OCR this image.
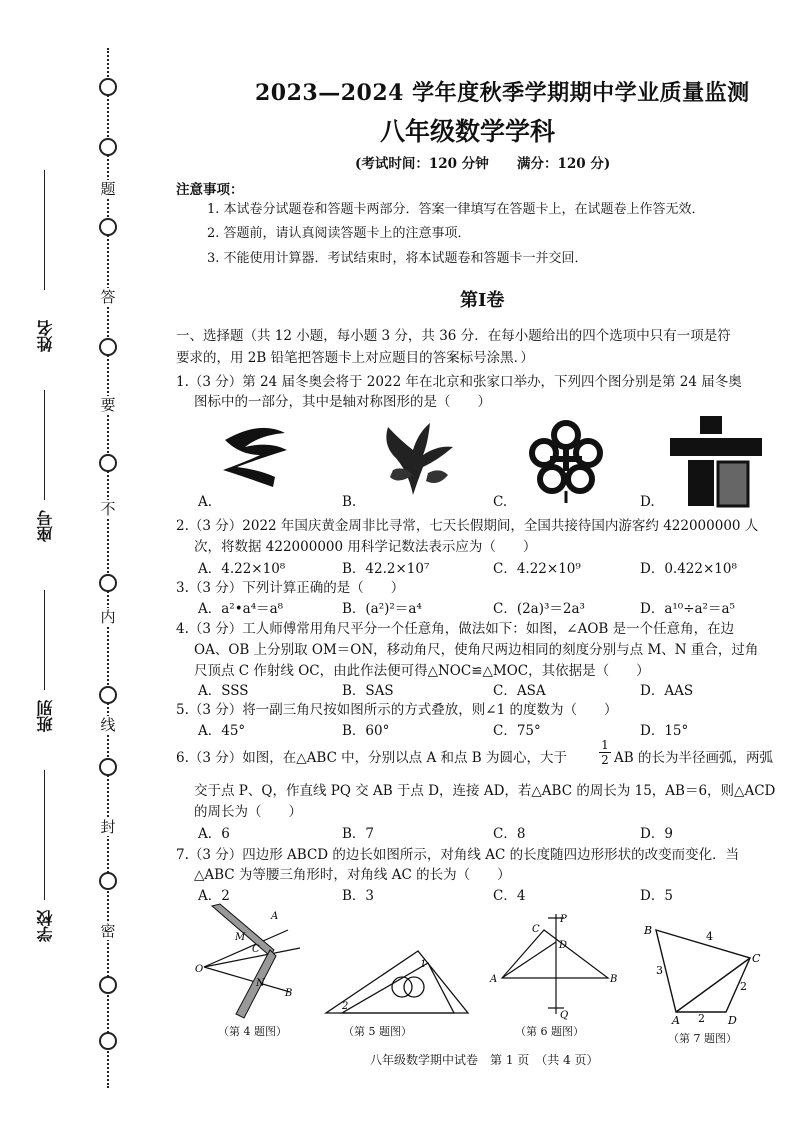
题
答
要
不
内
线
封
密
姓名
座号
班别
学校
2023—2024 学年度秋季学期期中学业质量监测
八年级数学学科
(考试时间：120 分钟      满分：120 分)
注意事项：
1. 本试卷分试题卷和答题卡两部分．答案一律填写在答题卡上，在试题卷上作答无效．
2. 答题前，请认真阅读答题卡上的注意事项．
3. 不能使用计算器．考试结束时，将本试题卷和答题卡一并交回．
第Ⅰ卷
一、选择题（共 12 小题，每小题 3 分，共 36 分．在每小题给出的四个选项中只有一项是符
要求的，用 2B 铅笔把答题卡上对应题目的答案标号涂黑．）
1.（3 分）第 24 届冬奥会将于 2022 年在北京和张家口举办，下列四个图分别是第 24 届冬奥
图标中的一部分，其中是轴对称图形的是（　　）
A.	B.	C.	D.
2.（3 分）2022 年国庆黄金周非比寻常，七天长假期间，全国共接待国内游客约 422000000 人
次，将数据 422000000 用科学记数法表示应为（　　）
A．4.22×10⁸	B．42.2×10⁷	C．4.22×10⁹	D．0.422×10⁸
3.（3 分）下列计算正确的是（　　）
A．a²•a⁴＝a⁸	B．(a²)²＝a⁴	C．(2a)³＝2a³	D．a¹⁰÷a²＝a⁵
4.（3 分）工人师傅常用角尺平分一个任意角，做法如下：如图，∠AOB 是一个任意角，在边
OA、OB 上分别取 OM＝ON，移动角尺，使角尺两边相同的刻度分别与点 M、N 重合，过角
尺顶点 C 作射线 OC，由此作法便可得△NOC≌△MOC，其依据是（　　）
A．SSS	B．SAS	C．ASA	D．AAS
5.（3 分）将一副三角尺按如图所示的方式叠放，则∠1 的度数为（　　）
A．45°	B．60°	C．75°	D．15°
6.（3 分）如图，在△ABC 中，分别以点 A 和点 B 为圆心，大于	$\frac{1}{2}$ AB 的长为半径画弧，两弧
交于点 P、Q，作直线 PQ 交 AB 于点 D，连接 AD，若△ABC 的周长为 15，AB＝6，则△ACD
的周长为（　　）
A．6	B．7	C．8	D．9
7.（3 分）四边形 ABCD 的边长如图所示，对角线 AC 的长度随四边形形状的改变而变化．当
△ABC 为等腰三角形时，对角线 AC 的长为（　　）
A．2	B．3	C．4	D．5
A
M
C
O
N
B
（第 4 题图）
1
2
（第 5 题图）
P
C
D
A	B
Q
（第 6 题图）
B	4
C
3
2
A 2 D
（第 7 题图）
八年级数学期中试卷　第 1 页　（共 4 页）
